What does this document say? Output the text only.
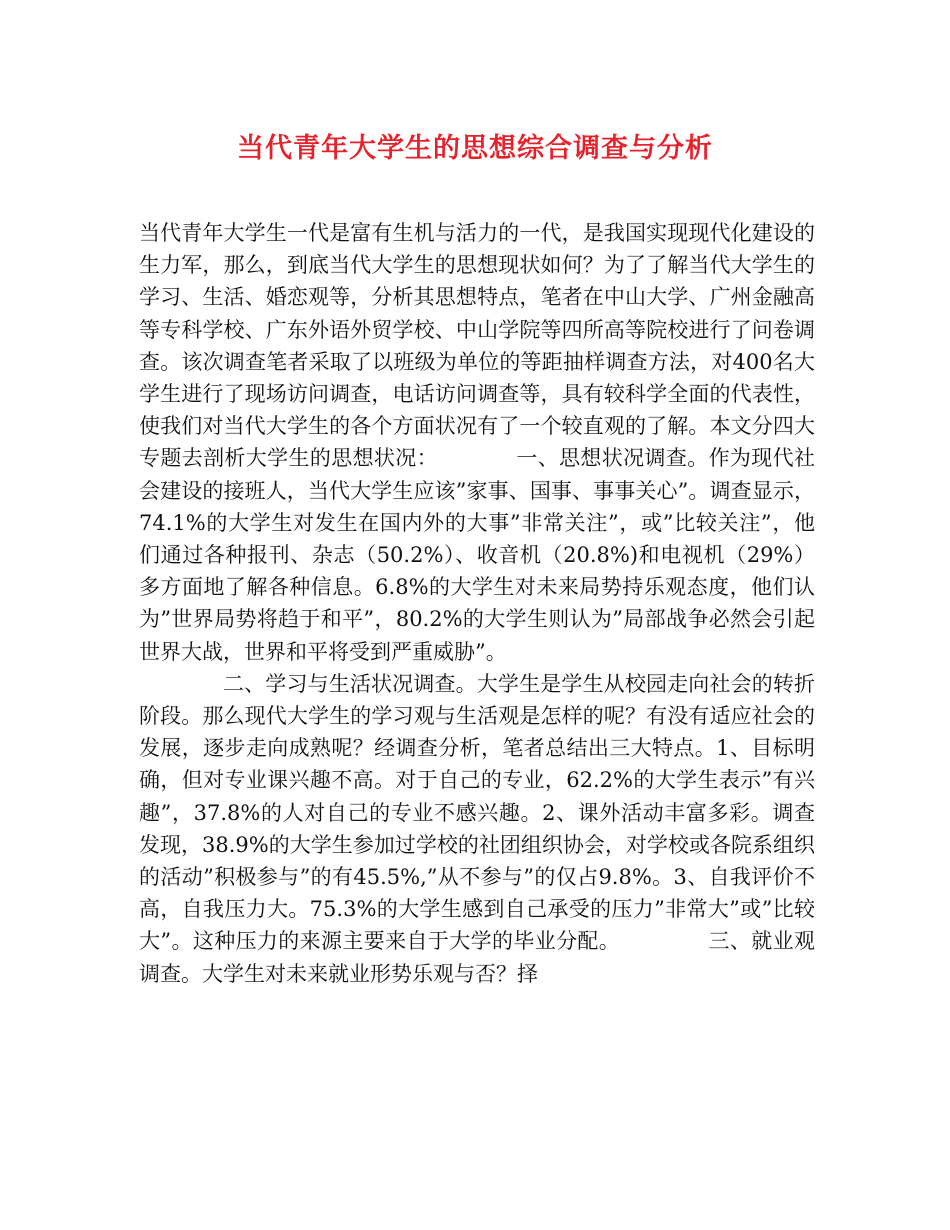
当代青年大学生的思想综合调查与分析

当代青年大学生一代是富有生机与活力的一代，是我国实现现代化建设的生力军，那么，到底当代大学生的思想现状如何？为了了解当代大学生的学习、生活、婚恋观等，分析其思想特点，笔者在中山大学、广州金融高等专科学校、广东外语外贸学校、中山学院等四所高等院校进行了问卷调查。该次调查笔者采取了以班级为单位的等距抽样调查方法，对400名大学生进行了现场访问调查，电话访问调查等，具有较科学全面的代表性，使我们对当代大学生的各个方面状况有了一个较直观的了解。本文分四大专题去剖析大学生的思想状况：	一、思想状况调查。作为现代社会建设的接班人，当代大学生应该”家事、国事、事事关心”。调查显示，74.1%的大学生对发生在国内外的大事”非常关注”，或”比较关注”，他们通过各种报刊、杂志（50.2%）、收音机（20.8%)和电视机（29%）多方面地了解各种信息。6.8%的大学生对未来局势持乐观态度，他们认为”世界局势将趋于和平”，80.2%的大学生则认为”局部战争必然会引起世界大战，世界和平将受到严重威胁”。

二、学习与生活状况调查。大学生是学生从校园走向社会的转折阶段。那么现代大学生的学习观与生活观是怎样的呢？有没有适应社会的发展，逐步走向成熟呢？经调查分析，笔者总结出三大特点。1、目标明确，但对专业课兴趣不高。对于自己的专业，62.2%的大学生表示”有兴趣”，37.8%的人对自己的专业不感兴趣。2、课外活动丰富多彩。调查发现，38.9%的大学生参加过学校的社团组织协会，对学校或各院系组织的活动”积极参与”的有45.5%,”从不参与”的仅占9.8%。3、自我评价不高，自我压力大。75.3%的大学生感到自己承受的压力”非常大”或”比较大”。这种压力的来源主要来自于大学的毕业分配。	三、就业观调查。大学生对未来就业形势乐观与否？择
